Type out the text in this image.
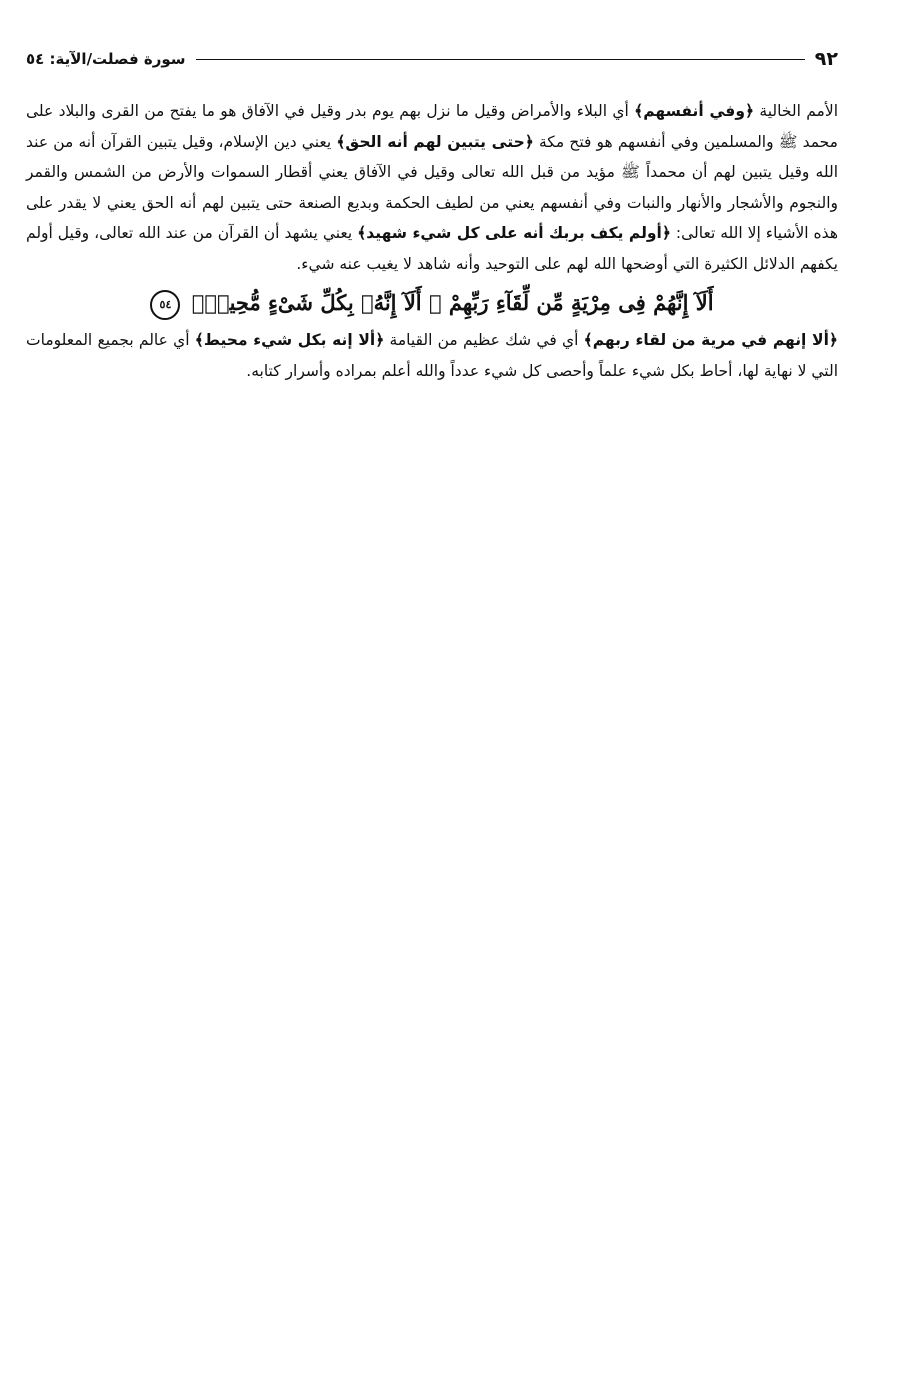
٩٢
سورة فصلت/الآية: ٥٤

الأمم الخالية ﴿وفي أنفسهم﴾ أي البلاء والأمراض وقيل ما نزل بهم يوم بدر وقيل في الآفاق هو ما يفتح من القرى والبلاد على محمد ﷺ والمسلمين وفي أنفسهم هو فتح مكة ﴿حتى يتبين لهم أنه الحق﴾ يعني دين الإسلام، وقيل يتبين القرآن أنه من عند الله وقيل يتبين لهم أن محمداً ﷺ مؤيد من قبل الله تعالى وقيل في الآفاق يعني أقطار السموات والأرض من الشمس والقمر والنجوم والأشجار والأنهار والنبات وفي أنفسهم يعني من لطيف الحكمة وبديع الصنعة حتى يتبين لهم أنه الحق يعني لا يقدر على هذه الأشياء إلا الله تعالى: ﴿أولم يكف بربك أنه على كل شيء شهيد﴾ يعني يشهد أن القرآن من عند الله تعالى، وقيل أولم يكفهم الدلائل الكثيرة التي أوضحها الله لهم على التوحيد وأنه شاهد لا يغيب عنه شيء.

أَلَآ إِنَّهُمْ فِى مِرْيَةٍ مِّن لِّقَآءِ رَبِّهِمْ ۗ أَلَآ إِنَّهُۥ بِكُلِّ شَىْءٍ مُّحِيطٌۢ ٥٤

﴿ألا إنهم في مرية من لقاء ربهم﴾ أي في شك عظيم من القيامة ﴿ألا إنه بكل شيء محيط﴾ أي عالم بجميع المعلومات التي لا نهاية لها، أحاط بكل شيء علماً وأحصى كل شيء عدداً والله أعلم بمراده وأسرار كتابه.
